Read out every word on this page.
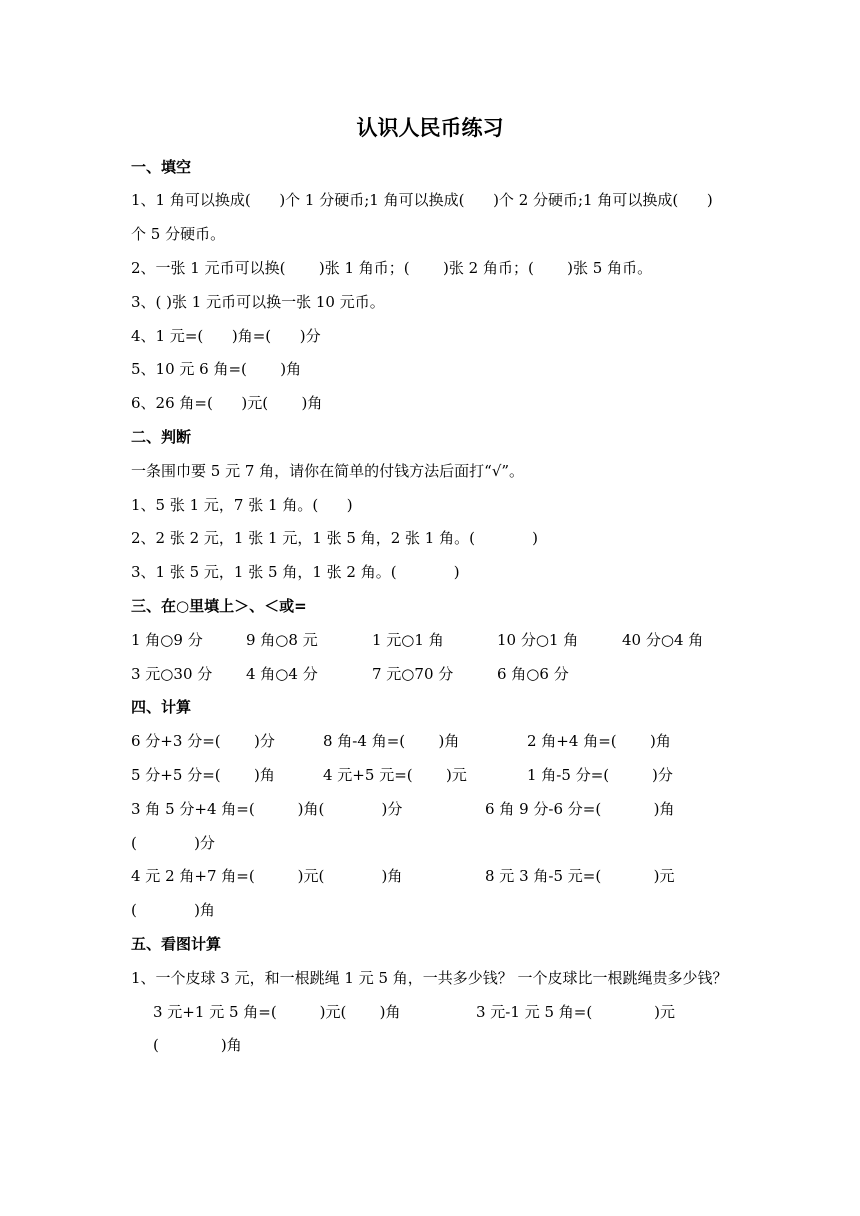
认识人民币练习
一、填空
1、1 角可以换成(      )个 1 分硬币;1 角可以换成(      )个 2 分硬币;1 角可以换成(      )
个 5 分硬币。
2、一张 1 元币可以换(       )张 1 角币；(       )张 2 角币；(       )张 5 角币。
3、( )张 1 元币可以换一张 10 元币。
4、1 元=(      )角=(      )分
5、10 元 6 角=(       )角
6、26 角=(      )元(       )角
二、判断
一条围巾要 5 元 7 角，请你在简单的付钱方法后面打“√”。
1、5 张 1 元，7 张 1 角。(      )
2、2 张 2 元，1 张 1 元，1 张 5 角，2 张 1 角。(            )
3、1 张 5 元，1 张 5 角，1 张 2 角。(            )
三、在○里填上＞、＜或=
1 角○9 分	9 角○8 元	1 元○1 角	10 分○1 角	40 分○4 角
3 元○30 分 4 角○4 分	7 元○70 分	6 角○6 分
四、计算
6 分+3 分=(       )分	8 角-4 角=(       )角	2 角+4 角=(       )角
5 分+5 分=(       )角	4 元+5 元=(       )元	1 角-5 分=(         )分
3 角 5 分+4 角=(         )角(            )分	6 角 9 分-6 分=(           )角
(            )分
4 元 2 角+7 角=(         )元(            )角	8 元 3 角-5 元=(           )元
(            )角
五、看图计算
1、一个皮球 3 元，和一根跳绳 1 元 5 角，一共多少钱？ 一个皮球比一根跳绳贵多少钱？
3 元+1 元 5 角=(         )元(       )角	3 元-1 元 5 角=(             )元
(             )角
